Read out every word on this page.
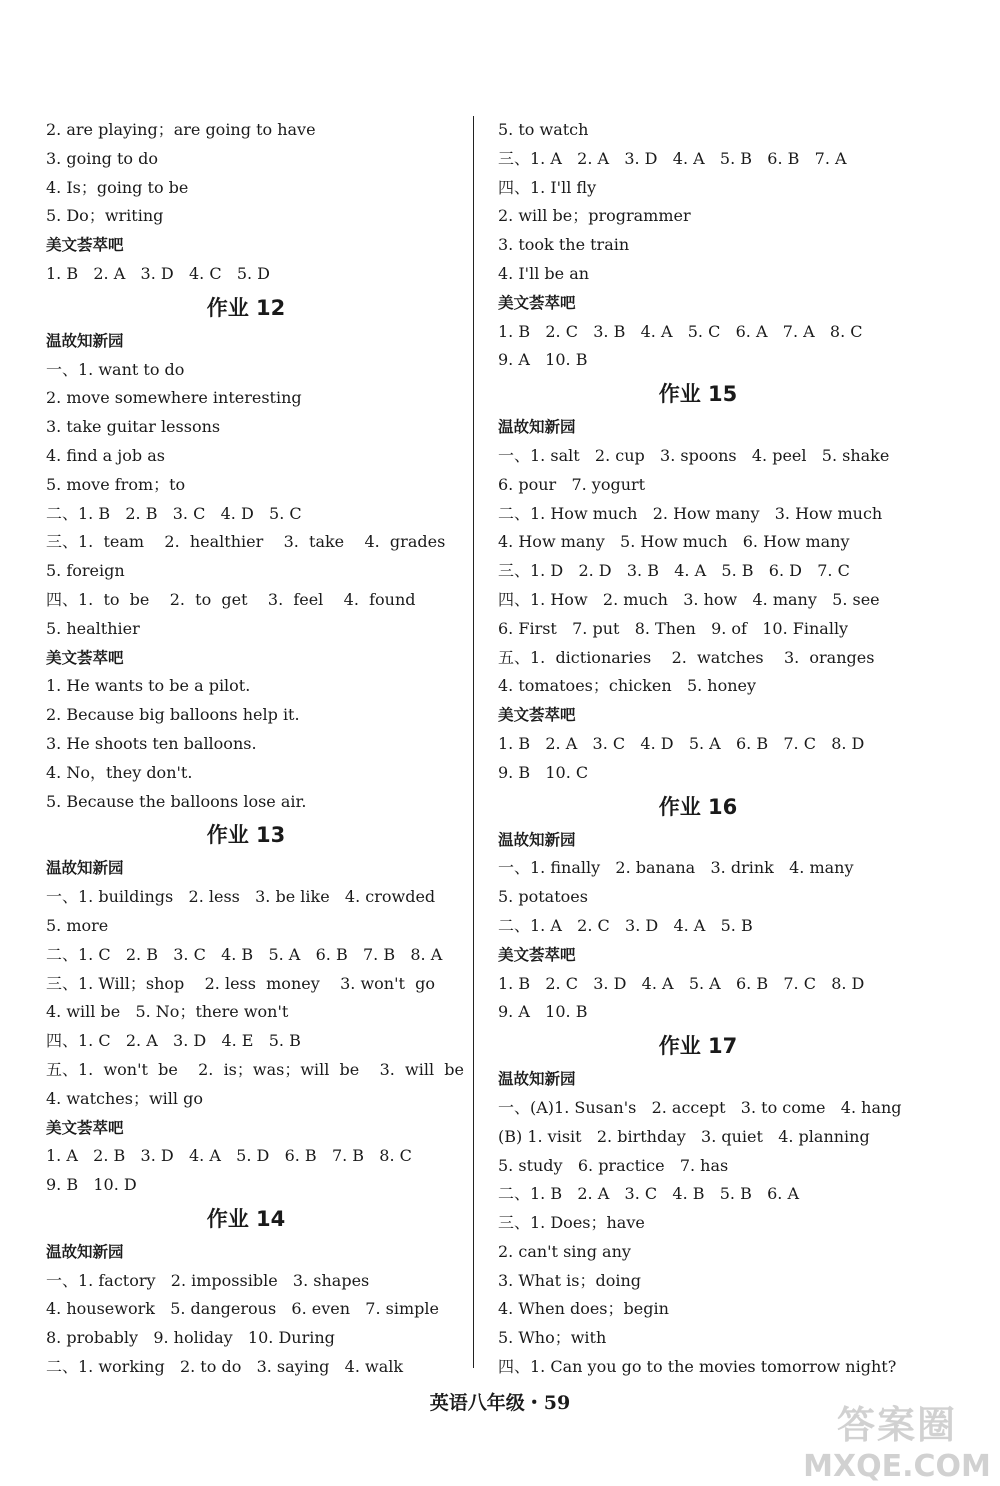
2. are playing；are going to have
3. going to do
4. Is；going to be
5. Do；writing
美文荟萃吧
1. B   2. A   3. D   4. C   5. D
作业 12
温故知新园
一、1. want to do
2. move somewhere interesting
3. take guitar lessons
4. find a job as
5. move from；to
二、1. B   2. B   3. C   4. D   5. C
三、1.  team    2.  healthier    3.  take    4.  grades
5. foreign
四、1.  to  be    2.  to  get    3.  feel    4.  found
5. healthier
美文荟萃吧
1. He wants to be a pilot.
2. Because big balloons help it.
3. He shoots ten balloons.
4. No，they don't.
5. Because the balloons lose air.
作业 13
温故知新园
一、1. buildings   2. less   3. be like   4. crowded
5. more
二、1. C   2. B   3. C   4. B   5. A   6. B   7. B   8. A
三、1. Will；shop    2. less  money    3. won't  go
4. will be   5. No；there won't
四、1. C   2. A   3. D   4. E   5. B
五、1.  won't  be    2.  is；was；will  be    3.  will  be
4. watches；will go
美文荟萃吧
1. A   2. B   3. D   4. A   5. D   6. B   7. B   8. C
9. B   10. D
作业 14
温故知新园
一、1. factory   2. impossible   3. shapes
4. housework   5. dangerous   6. even   7. simple
8. probably   9. holiday   10. During
二、1. working   2. to do   3. saying   4. walk
5. to watch
三、1. A   2. A   3. D   4. A   5. B   6. B   7. A
四、1. I'll fly
2. will be；programmer
3. took the train
4. I'll be an
美文荟萃吧
1. B   2. C   3. B   4. A   5. C   6. A   7. A   8. C
9. A   10. B
作业 15
温故知新园
一、1. salt   2. cup   3. spoons   4. peel   5. shake
6. pour   7. yogurt
二、1. How much   2. How many   3. How much
4. How many   5. How much   6. How many
三、1. D   2. D   3. B   4. A   5. B   6. D   7. C
四、1. How   2. much   3. how   4. many   5. see
6. First   7. put   8. Then   9. of   10. Finally
五、1.  dictionaries    2.  watches    3.  oranges
4. tomatoes；chicken   5. honey
美文荟萃吧
1. B   2. A   3. C   4. D   5. A   6. B   7. C   8. D
9. B   10. C
作业 16
温故知新园
一、1. finally   2. banana   3. drink   4. many
5. potatoes
二、1. A   2. C   3. D   4. A   5. B
美文荟萃吧
1. B   2. C   3. D   4. A   5. A   6. B   7. C   8. D
9. A   10. B
作业 17
温故知新园
一、(A)1. Susan's   2. accept   3. to come   4. hang
(B) 1. visit   2. birthday   3. quiet   4. planning
5. study   6. practice   7. has
二、1. B   2. A   3. C   4. B   5. B   6. A
三、1. Does；have
2. can't sing any
3. What is；doing
4. When does；begin
5. Who；with
四、1. Can you go to the movies tomorrow night?
英语八年级・59	答案圈
MXQE.COM
